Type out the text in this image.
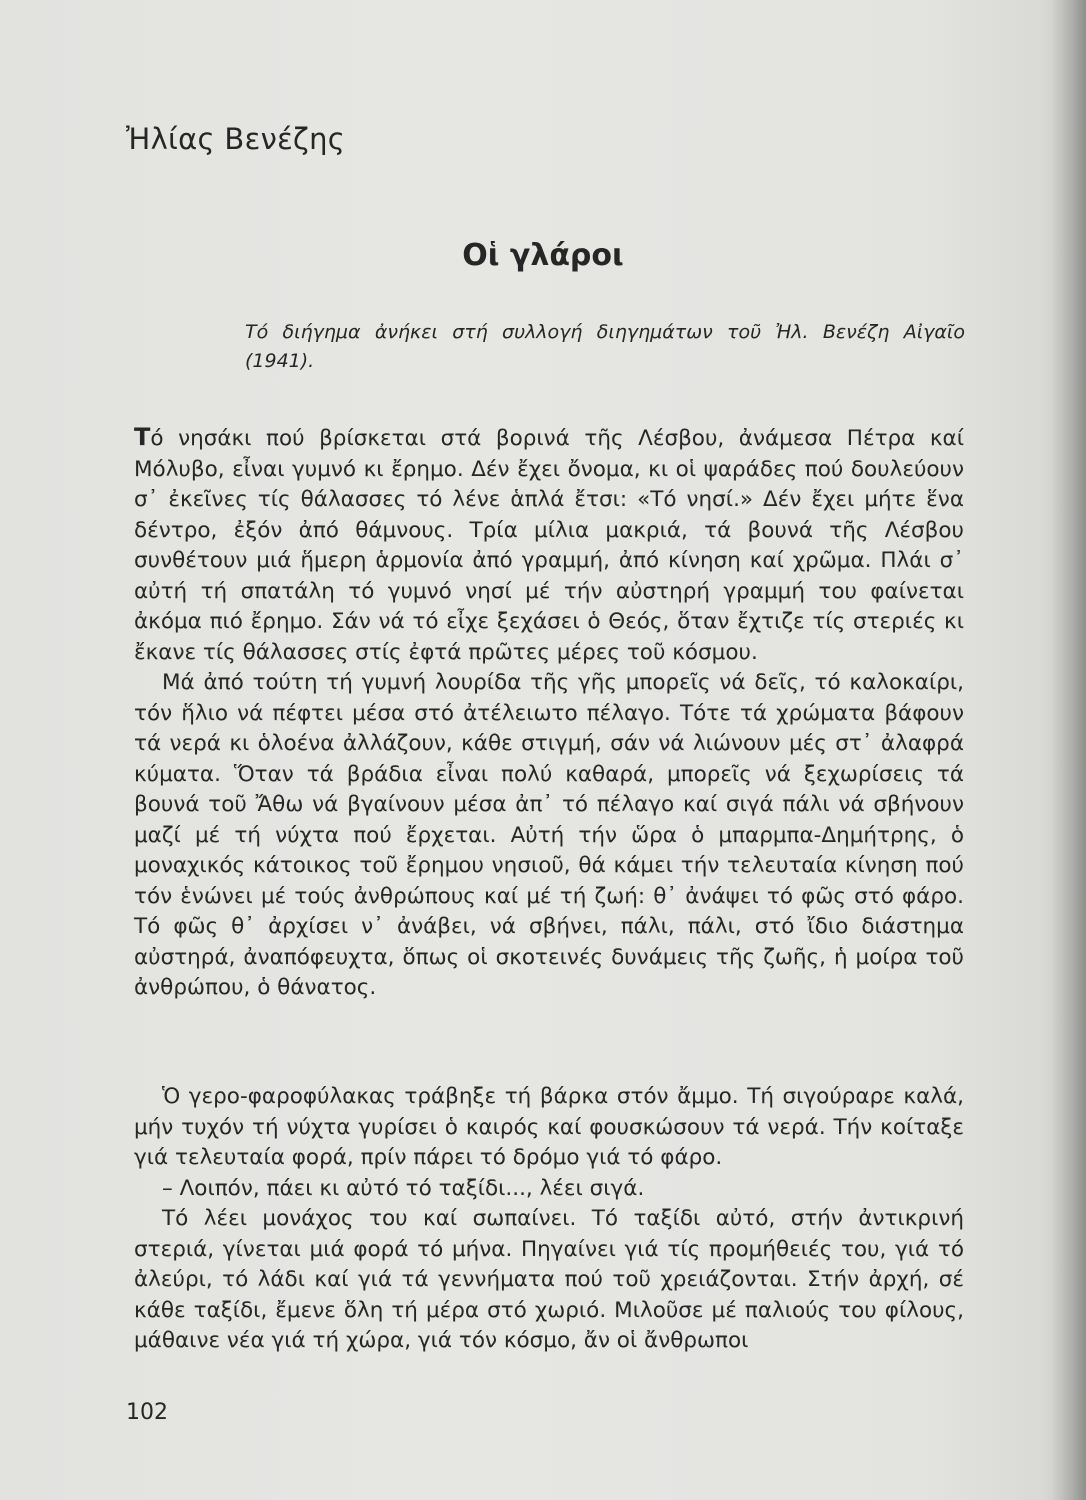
Ἠλίας Βενέζης
Οἱ γλάροι

Τό διήγημα ἀνήκει στή συλλογή διηγημάτων τοῦ Ἠλ. Βενέζη Αἰγαῖο (1941).

Τό νησάκι πού βρίσκεται στά βορινά τῆς Λέσβου, ἀνάμεσα Πέτρα καί Μόλυβο, εἶναι γυμνό κι ἔρημο. Δέν ἔχει ὄνομα, κι οἱ ψαράδες πού δουλεύουν σ᾽ ἐκεῖνες τίς θάλασσες τό λένε ἁπλά ἔτσι: «Τό νησί.» Δέν ἔχει μήτε ἕνα δέντρο, ἐξόν ἀπό θάμνους. Τρία μίλια μακριά, τά βουνά τῆς Λέσβου συνθέτουν μιά ἥμερη ἁρμονία ἀπό γραμμή, ἀπό κίνηση καί χρῶμα. Πλάι σ᾽ αὐτή τή σπατάλη τό γυμνό νησί μέ τήν αὐστηρή γραμμή του φαίνεται ἀκόμα πιό ἔρημο. Σάν νά τό εἶχε ξεχάσει ὁ Θεός, ὅταν ἔχτιζε τίς στεριές κι ἔκανε τίς θάλασσες στίς ἐφτά πρῶτες μέρες τοῦ κόσμου.

Μά ἀπό τούτη τή γυμνή λουρίδα τῆς γῆς μπορεῖς νά δεῖς, τό καλοκαίρι, τόν ἥλιο νά πέφτει μέσα στό ἀτέλειωτο πέλαγο. Τότε τά χρώματα βάφουν τά νερά κι ὁλοένα ἀλλάζουν, κάθε στιγμή, σάν νά λιώνουν μές στ᾽ ἀλαφρά κύματα. Ὅταν τά βράδια εἶναι πολύ καθαρά, μπορεῖς νά ξεχωρίσεις τά βουνά τοῦ Ἄθω νά βγαίνουν μέσα ἀπ᾽ τό πέλαγο καί σιγά πάλι νά σβήνουν μαζί μέ τή νύχτα πού ἔρχεται. Αὐτή τήν ὥρα ὁ μπαρμπα-Δημήτρης, ὁ μοναχικός κάτοικος τοῦ ἔρημου νησιοῦ, θά κάμει τήν τελευταία κίνηση πού τόν ἑνώνει μέ τούς ἀνθρώπους καί μέ τή ζωή: θ᾽ ἀνάψει τό φῶς στό φάρο. Τό φῶς θ᾽ ἀρχίσει ν᾽ ἀνάβει, νά σβήνει, πάλι, πάλι, στό ἴδιο διάστημα αὐστηρά, ἀναπόφευχτα, ὅπως οἱ σκοτεινές δυνάμεις τῆς ζωῆς, ἡ μοίρα τοῦ ἀνθρώπου, ὁ θάνατος.

Ὁ γερο-φαροφύλακας τράβηξε τή βάρκα στόν ἄμμο. Τή σιγούραρε καλά, μήν τυχόν τή νύχτα γυρίσει ὁ καιρός καί φουσκώσουν τά νερά. Τήν κοίταξε γιά τελευταία φορά, πρίν πάρει τό δρόμο γιά τό φάρο.

– Λοιπόν, πάει κι αὐτό τό ταξίδι..., λέει σιγά.

Τό λέει μονάχος του καί σωπαίνει. Τό ταξίδι αὐτό, στήν ἀντικρινή στεριά, γίνεται μιά φορά τό μήνα. Πηγαίνει γιά τίς προμήθειές του, γιά τό ἀλεύρι, τό λάδι καί γιά τά γεννήματα πού τοῦ χρειάζονται. Στήν ἀρχή, σέ κάθε ταξίδι, ἔμενε ὅλη τή μέρα στό χωριό. Μιλοῦσε μέ παλιούς του φίλους, μάθαινε νέα γιά τή χώρα, γιά τόν κόσμο, ἄν οἱ ἄνθρωποι

102
